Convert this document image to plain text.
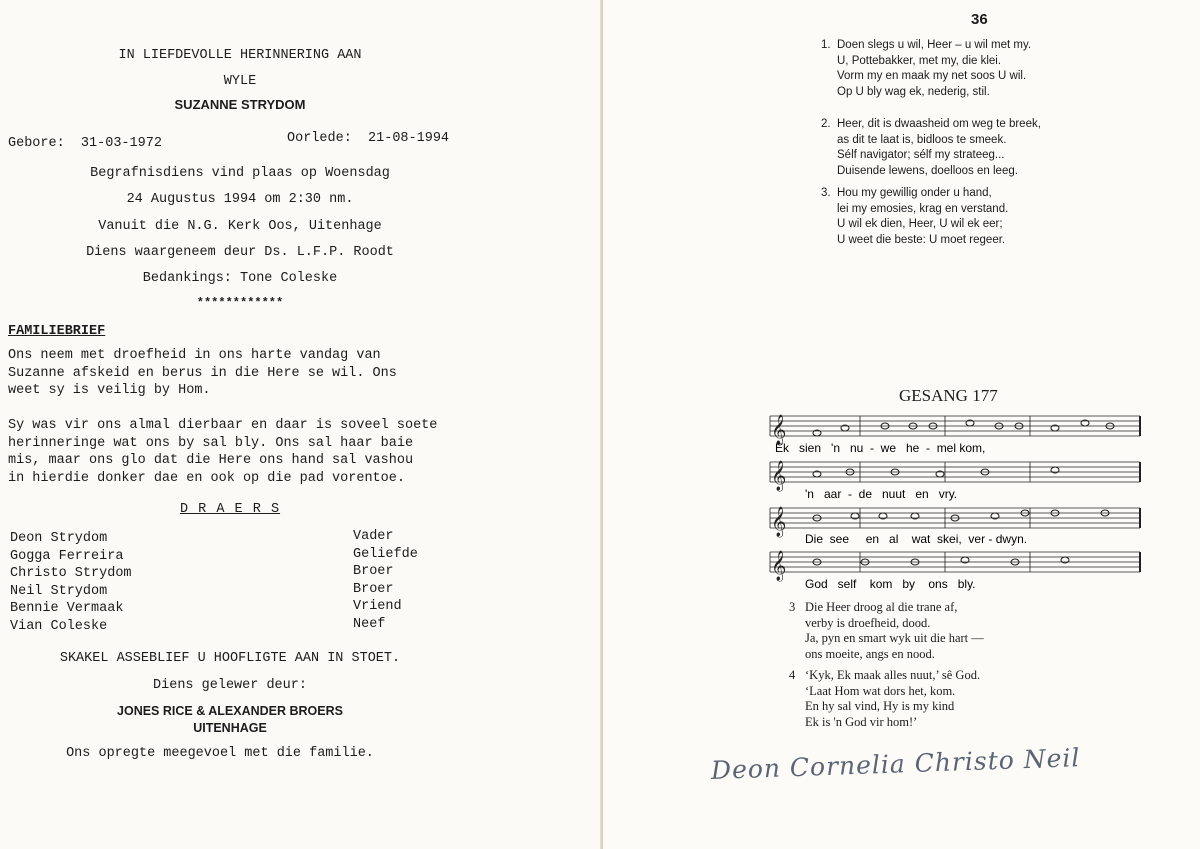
IN LIEFDEVOLLE HERINNERING AAN
WYLE
SUZANNE STRYDOM
Gebore: 31-03-1972	Oorlede: 21-08-1994
Begrafnisdiens vind plaas op Woensdag
24 Augustus 1994 om 2:30 nm.
Vanuit die N.G. Kerk Oos, Uitenhage
Diens waargeneem deur Ds. L.F.P. Roodt
Bedankings: Tone Coleske
************
FAMILIEBRIEF
Ons neem met droefheid in ons harte vandag van
Suzanne afskeid en berus in die Here se wil. Ons
weet sy is veilig by Hom.
Sy was vir ons almal dierbaar en daar is soveel soete
herinneringe wat ons by sal bly. Ons sal haar baie
mis, maar ons glo dat die Here ons hand sal vashou
in hierdie donker dae en ook op die pad vorentoe.
D R A E R S
Deon Strydom
Gogga Ferreira
Christo Strydom
Neil Strydom
Bennie Vermaak
Vian Coleske
Vader
Geliefde
Broer
Broer
Vriend
Neef
SKAKEL ASSEBLIEF U HOOFLIGTE AAN IN STOET.
Diens gelewer deur:
JONES RICE & ALEXANDER BROERS
UITENHAGE
Ons opregte meegevoel met die familie.
36
1. Doen slegs u wil, Heer – u wil met my.
U, Pottebakker, met my, die klei.
Vorm my en maak my net soos U wil.
Op U bly wag ek, nederig, stil.
2. Heer, dit is dwaasheid om weg te breek,
as dit te laat is, bidloos te smeek.
Sélf navigator; sélf my strateeg...
Duisende lewens, doelloos en leeg.
3. Hou my gewillig onder u hand,
lei my emosies, krag en verstand.
U wil ek dien, Heer, U wil ek eer;
U weet die beste: U moet regeer.
GESANG 177
𝄞
𝄞
𝄞
𝄞
Ek   sien   'n   nu  -  we   he  -  mel kom,
'n   aar  -  de   nuut   en   vry.
Die  see     en   al    wat  skei,  ver - dwyn.
God   self    kom   by    ons   bly.
3 Die Heer droog al die trane af,
verby is droefheid, dood.
Ja, pyn en smart wyk uit die hart —
ons moeite, angs en nood.
4 ‘Kyk, Ek maak alles nuut,’ sê God.
‘Laat Hom wat dors het, kom.
En hy sal vind, Hy is my kind
Ek is 'n God vir hom!’
Deon Cornelia Christo Neil
